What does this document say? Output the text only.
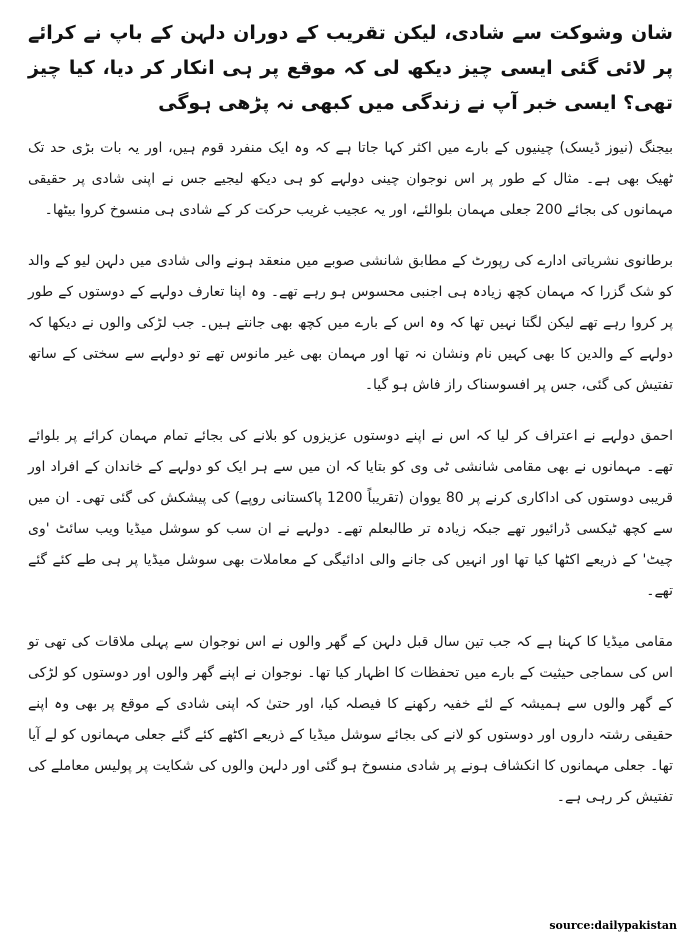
شان وشوکت سے شادی، لیکن تقریب کے دوران دلہن کے باپ نے کرائے پر لائی گئی ایسی چیز دیکھ لی کہ موقع پر ہی انکار کر دیا، کیا چیز تھی؟ ایسی خبر آپ نے زندگی میں کبھی نہ پڑھی ہوگی

بیجنگ (نیوز ڈیسک) چینیوں کے بارے میں اکثر کہا جاتا ہے کہ وہ ایک منفرد قوم ہیں، اور یہ بات بڑی حد تک ٹھیک بھی ہے۔ مثال کے طور پر اس نوجوان چینی دولہے کو ہی دیکھ لیجیے جس نے اپنی شادی پر حقیقی مہمانوں کی بجائے 200 جعلی مہمان بلوالئے، اور یہ عجیب غریب حرکت کر کے شادی ہی منسوخ کروا بیٹھا۔

برطانوی نشریاتی ادارے کی رپورٹ کے مطابق شانشی صوبے میں منعقد ہونے والی شادی میں دلہن لیو کے والد کو شک گزرا کہ مہمان کچھ زیادہ ہی اجنبی محسوس ہو رہے تھے۔ وہ اپنا تعارف دولہے کے دوستوں کے طور پر کروا رہے تھے لیکن لگتا نہیں تھا کہ وہ اس کے بارے میں کچھ بھی جانتے ہیں۔ جب لڑکی والوں نے دیکھا کہ دولہے کے والدین کا بھی کہیں نام ونشان نہ تھا اور مہمان بھی غیر مانوس تھے تو دولہے سے سختی کے ساتھ تفتیش کی گئی، جس پر افسوسناک راز فاش ہو گیا۔

احمق دولہے نے اعتراف کر لیا کہ اس نے اپنے دوستوں عزیزوں کو بلانے کی بجائے تمام مہمان کرائے پر بلوائے تھے۔ مہمانوں نے بھی مقامی شانشی ٹی وی کو بتایا کہ ان میں سے ہر ایک کو دولہے کے خاندان کے افراد اور قریبی دوستوں کی اداکاری کرنے پر 80 یووان (تقریباً 1200 پاکستانی روپے) کی پیشکش کی گئی تھی۔ ان میں سے کچھ ٹیکسی ڈرائیور تھے جبکہ زیادہ تر طالبعلم تھے۔ دولہے نے ان سب کو سوشل میڈیا ویب سائٹ 'وی چیٹ' کے ذریعے اکٹھا کیا تھا اور انہیں کی جانے والی ادائیگی کے معاملات بھی سوشل میڈیا پر ہی طے کئے گئے تھے۔

مقامی میڈیا کا کہنا ہے کہ جب تین سال قبل دلہن کے گھر والوں نے اس نوجوان سے پہلی ملاقات کی تھی تو اس کی سماجی حیثیت کے بارے میں تحفظات کا اظہار کیا تھا۔ نوجوان نے اپنے گھر والوں اور دوستوں کو لڑکی کے گھر والوں سے ہمیشہ کے لئے خفیہ رکھنے کا فیصلہ کیا، اور حتیٰ کہ اپنی شادی کے موقع پر بھی وہ اپنے حقیقی رشتہ داروں اور دوستوں کو لانے کی بجائے سوشل میڈیا کے ذریعے اکٹھے کئے گئے جعلی مہمانوں کو لے آیا تھا۔ جعلی مہمانوں کا انکشاف ہونے پر شادی منسوخ ہو گئی اور دلہن والوں کی شکایت پر پولیس معاملے کی تفتیش کر رہی ہے۔

source:dailypakistan
